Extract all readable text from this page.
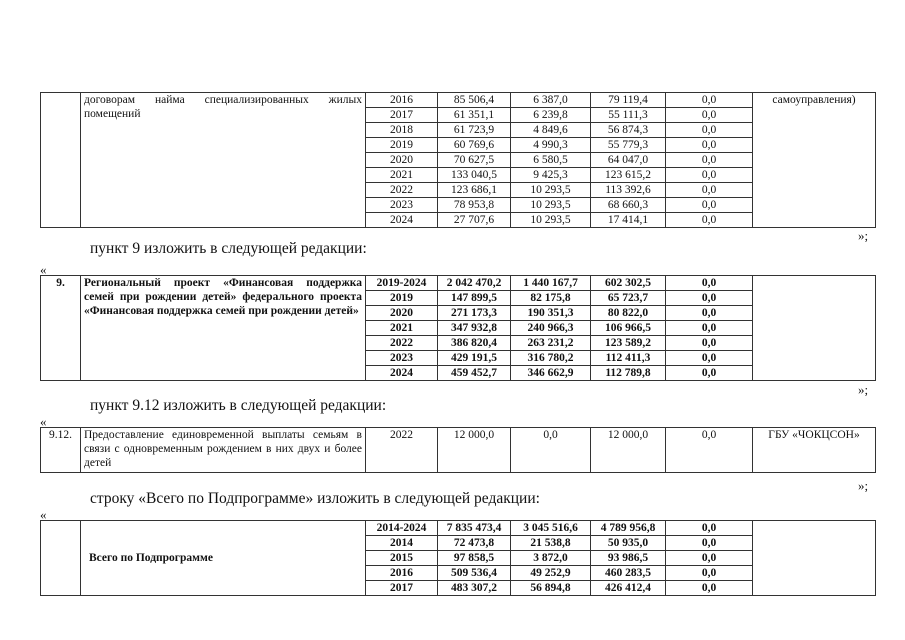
	договорам найма специализированных жилых помещений	2016	85 506,4	6 387,0	79 119,4	0,0	самоуправления)
		2017	61 351,1	6 239,8	55 111,3	0,0	
		2018	61 723,9	4 849,6	56 874,3	0,0	
		2019	60 769,6	4 990,3	55 779,3	0,0	
		2020	70 627,5	6 580,5	64 047,0	0,0	
		2021	133 040,5	9 425,3	123 615,2	0,0	
		2022	123 686,1	10 293,5	113 392,6	0,0	
		2023	78 953,8	10 293,5	68 660,3	0,0	
		2024	27 707,6	10 293,5	17 414,1	0,0	
»;
пункт 9 изложить в следующей редакции:
«
9.	Региональный проект «Финансовая поддержка семей при рождении детей» федерального проекта «Финансовая поддержка семей при рождении детей»	2019-2024	2 042 470,2	1 440 167,7	602 302,5	0,0	
		2019	147 899,5	82 175,8	65 723,7	0,0	
		2020	271 173,3	190 351,3	80 822,0	0,0	
		2021	347 932,8	240 966,3	106 966,5	0,0	
		2022	386 820,4	263 231,2	123 589,2	0,0	
		2023	429 191,5	316 780,2	112 411,3	0,0	
		2024	459 452,7	346 662,9	112 789,8	0,0	
»;
пункт 9.12 изложить в следующей редакции:
«
9.12.	Предоставление единовременной выплаты семьям в связи с одновременным рождением в них двух и более детей	2022	12 000,0	0,0	12 000,0	0,0	ГБУ «ЧОКЦСОН»
»;
строку «Всего по Подпрограмме» изложить в следующей редакции:
«
	Всего по Подпрограмме	2014-2024	7 835 473,4	3 045 516,6	4 789 956,8	0,0	
		2014	72 473,8	21 538,8	50 935,0	0,0	
		2015	97 858,5	3 872,0	93 986,5	0,0	
		2016	509 536,4	49 252,9	460 283,5	0,0	
		2017	483 307,2	56 894,8	426 412,4	0,0	
